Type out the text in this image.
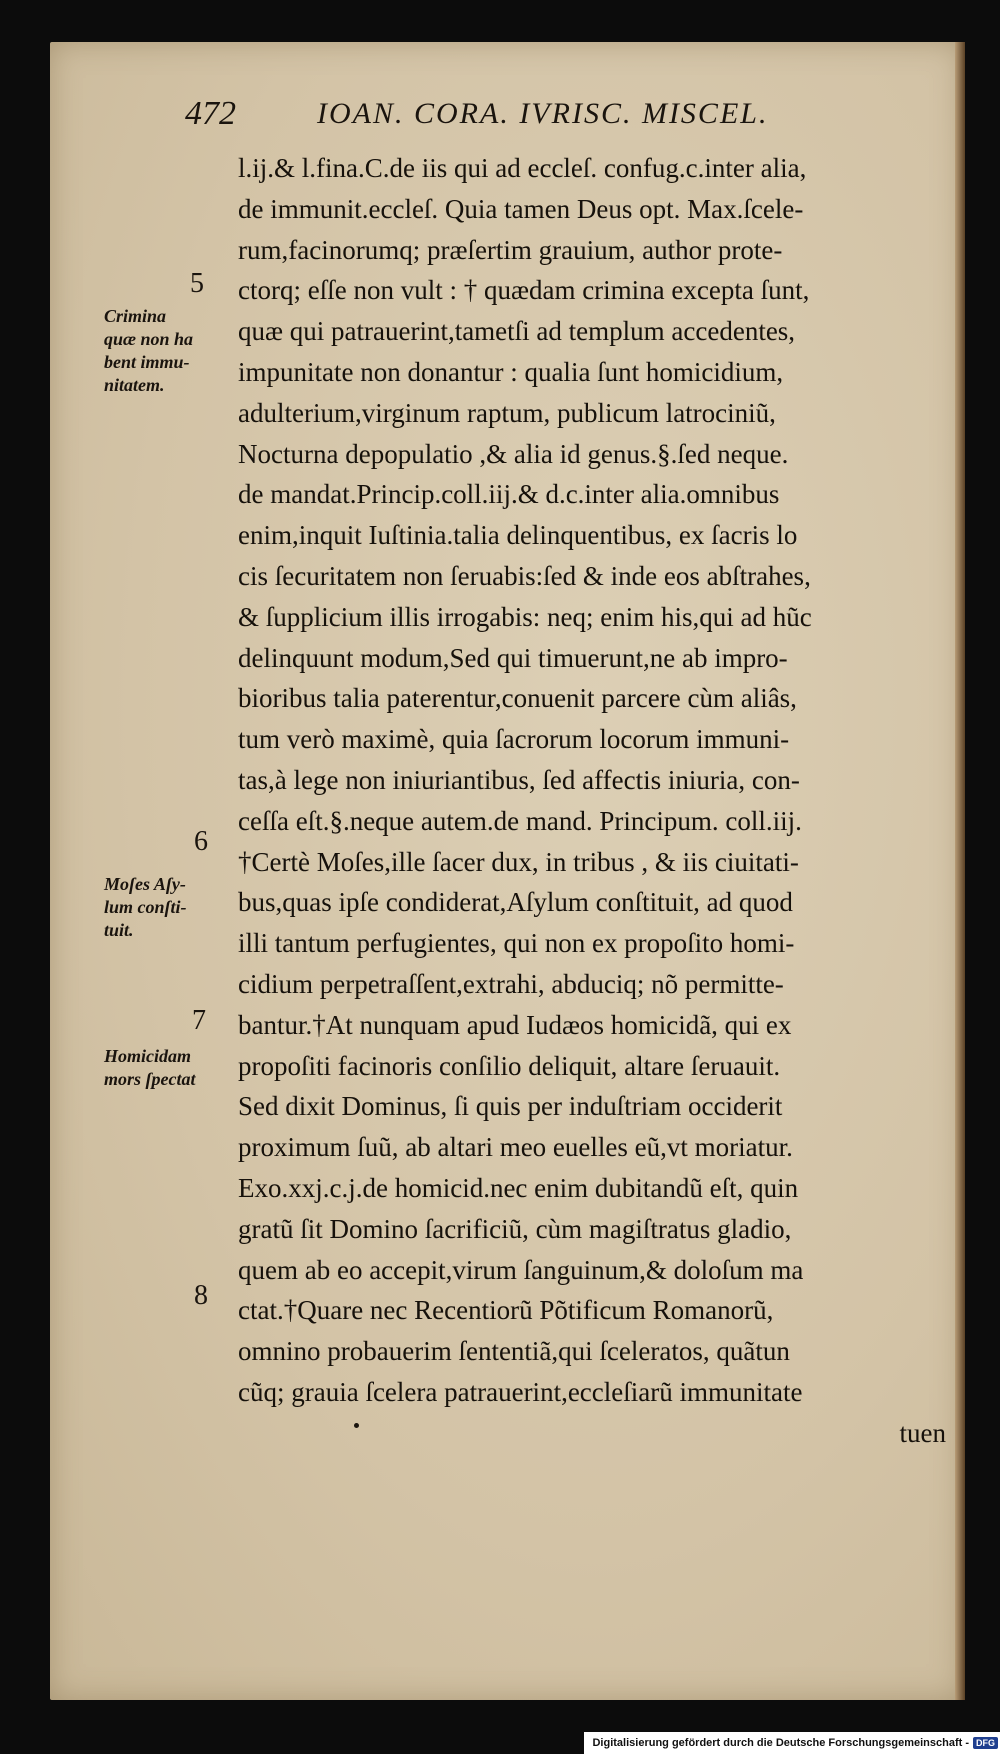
472	IOAN. CORA. IVRISC. MISCEL.
l.ij.& l.fina.C.de iis qui ad eccleſ. confug.c.inter alia,
de immunit.eccleſ. Quia tamen Deus opt. Max.ſcele-
rum,facinorumq; præſertim grauium, author prote-
ctorq; eſſe non vult : † quædam crimina excepta ſunt,
quæ qui patrauerint,tametſi ad templum accedentes,
impunitate non donantur : qualia ſunt homicidium,
adulterium,virginum raptum, publicum latrociniũ,
Nocturna depopulatio ,& alia id genus.§.ſed neque.
de mandat.Princip.coll.iij.& d.c.inter alia.omnibus
enim,inquit Iuſtinia.talia delinquentibus, ex ſacris lo
cis ſecuritatem non ſeruabis:ſed & inde eos abſtrahes,
& ſupplicium illis irrogabis: neq; enim his,qui ad hũc
delinquunt modum,Sed qui timuerunt,ne ab impro-
bioribus talia paterentur,conuenit parcere cùm aliâs,
tum verò maximè, quia ſacrorum locorum immuni-
tas,à lege non iniuriantibus, ſed affectis iniuria, con-
ceſſa eſt.§.neque autem.de mand. Principum. coll.iij.
†Certè Moſes,ille ſacer dux, in tribus , & iis ciuitati-
bus,quas ipſe condiderat,Aſylum conſtituit, ad quod
illi tantum perfugientes, qui non ex propoſito homi-
cidium perpetraſſent,extrahi, abduciq; nõ permitte-
bantur.†At nunquam apud Iudæos homicidã, qui ex
propoſiti facinoris conſilio deliquit, altare ſeruauit.
Sed dixit Dominus, ſi quis per induſtriam occiderit
proximum ſuũ, ab altari meo euelles eũ,vt moriatur.
Exo.xxj.c.j.de homicid.nec enim dubitandũ eſt, quin
gratũ ſit Domino ſacrificiũ, cùm magiſtratus gladio,
quem ab eo accepit,virum ſanguinum,& doloſum ma
ctat.†Quare nec Recentiorũ Põtificum Romanorũ,
omnino probauerim ſententiã,qui ſceleratos, quãtun
cũq; grauia ſcelera patrauerint,eccleſiarũ immunitate
tuen
5
Crimina
quæ non ha
bent immu-
nitatem.
6
Moſes Aſy-
lum conſti-
tuit.
7
Homicidam
mors ſpectat
8
Digitalisierung gefördert durch die Deutsche Forschungsgemeinschaft - DFG
